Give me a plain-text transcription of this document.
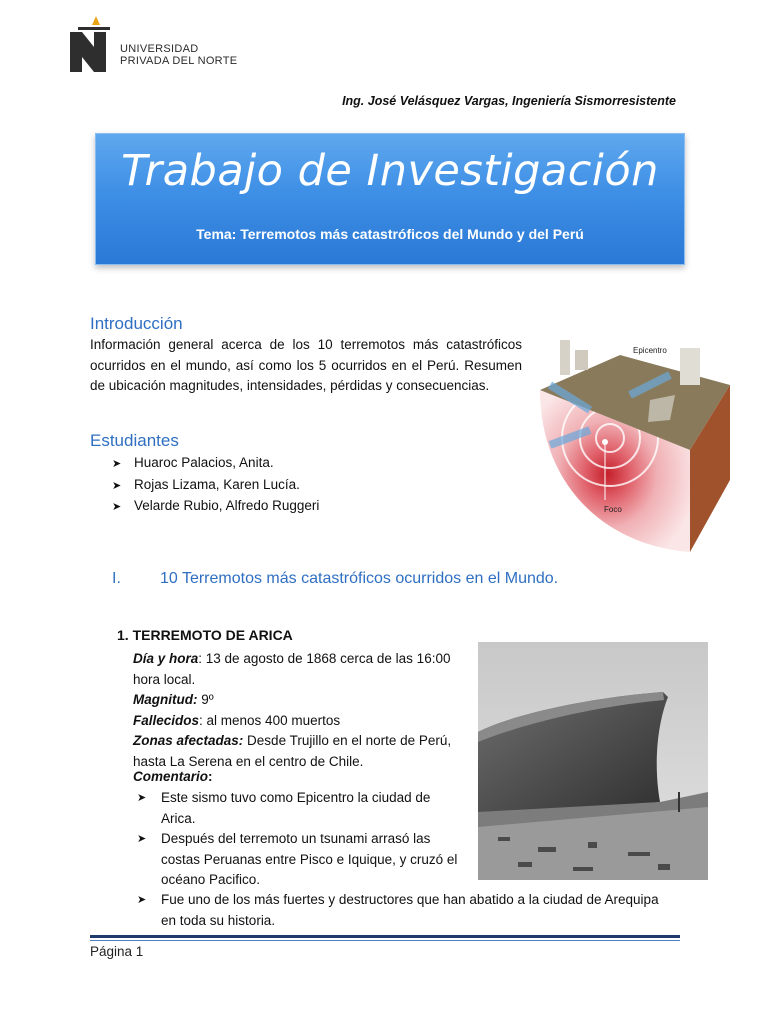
UNIVERSIDAD
PRIVADA DEL NORTE
Ing. José Velásquez Vargas, Ingeniería Sismorresistente
Trabajo de Investigación
Tema: Terremotos más catastróficos del Mundo y del Perú
Introducción
Información general acerca de los 10 terremotos más catastróficos ocurridos en el mundo, así como los 5 ocurridos en el Perú. Resumen de ubicación magnitudes, intensidades, pérdidas y consecuencias.
Epicentro
Foco
Estudiantes
➤ Huaroc Palacios, Anita.
➤ Rojas Lizama, Karen Lucía.
➤ Velarde Rubio, Alfredo Ruggeri
I. 10 Terremotos más catastróficos ocurridos en el Mundo.
1. TERREMOTO DE ARICA
Día y hora: 13 de agosto de 1868 cerca de las 16:00 hora local.
Magnitud: 9º
Fallecidos: al menos 400 muertos
Zonas afectadas: Desde Trujillo en el norte de Perú, hasta La Serena en el centro de Chile.
Comentario:
➤ Este sismo tuvo como Epicentro la ciudad de Arica.
➤ Después del terremoto un tsunami arrasó las costas Peruanas entre Pisco e Iquique, y cruzó el océano Pacifico.
➤ Fue uno de los más fuertes y destructores que han abatido a la ciudad de Arequipa en toda su historia.
Página 1
